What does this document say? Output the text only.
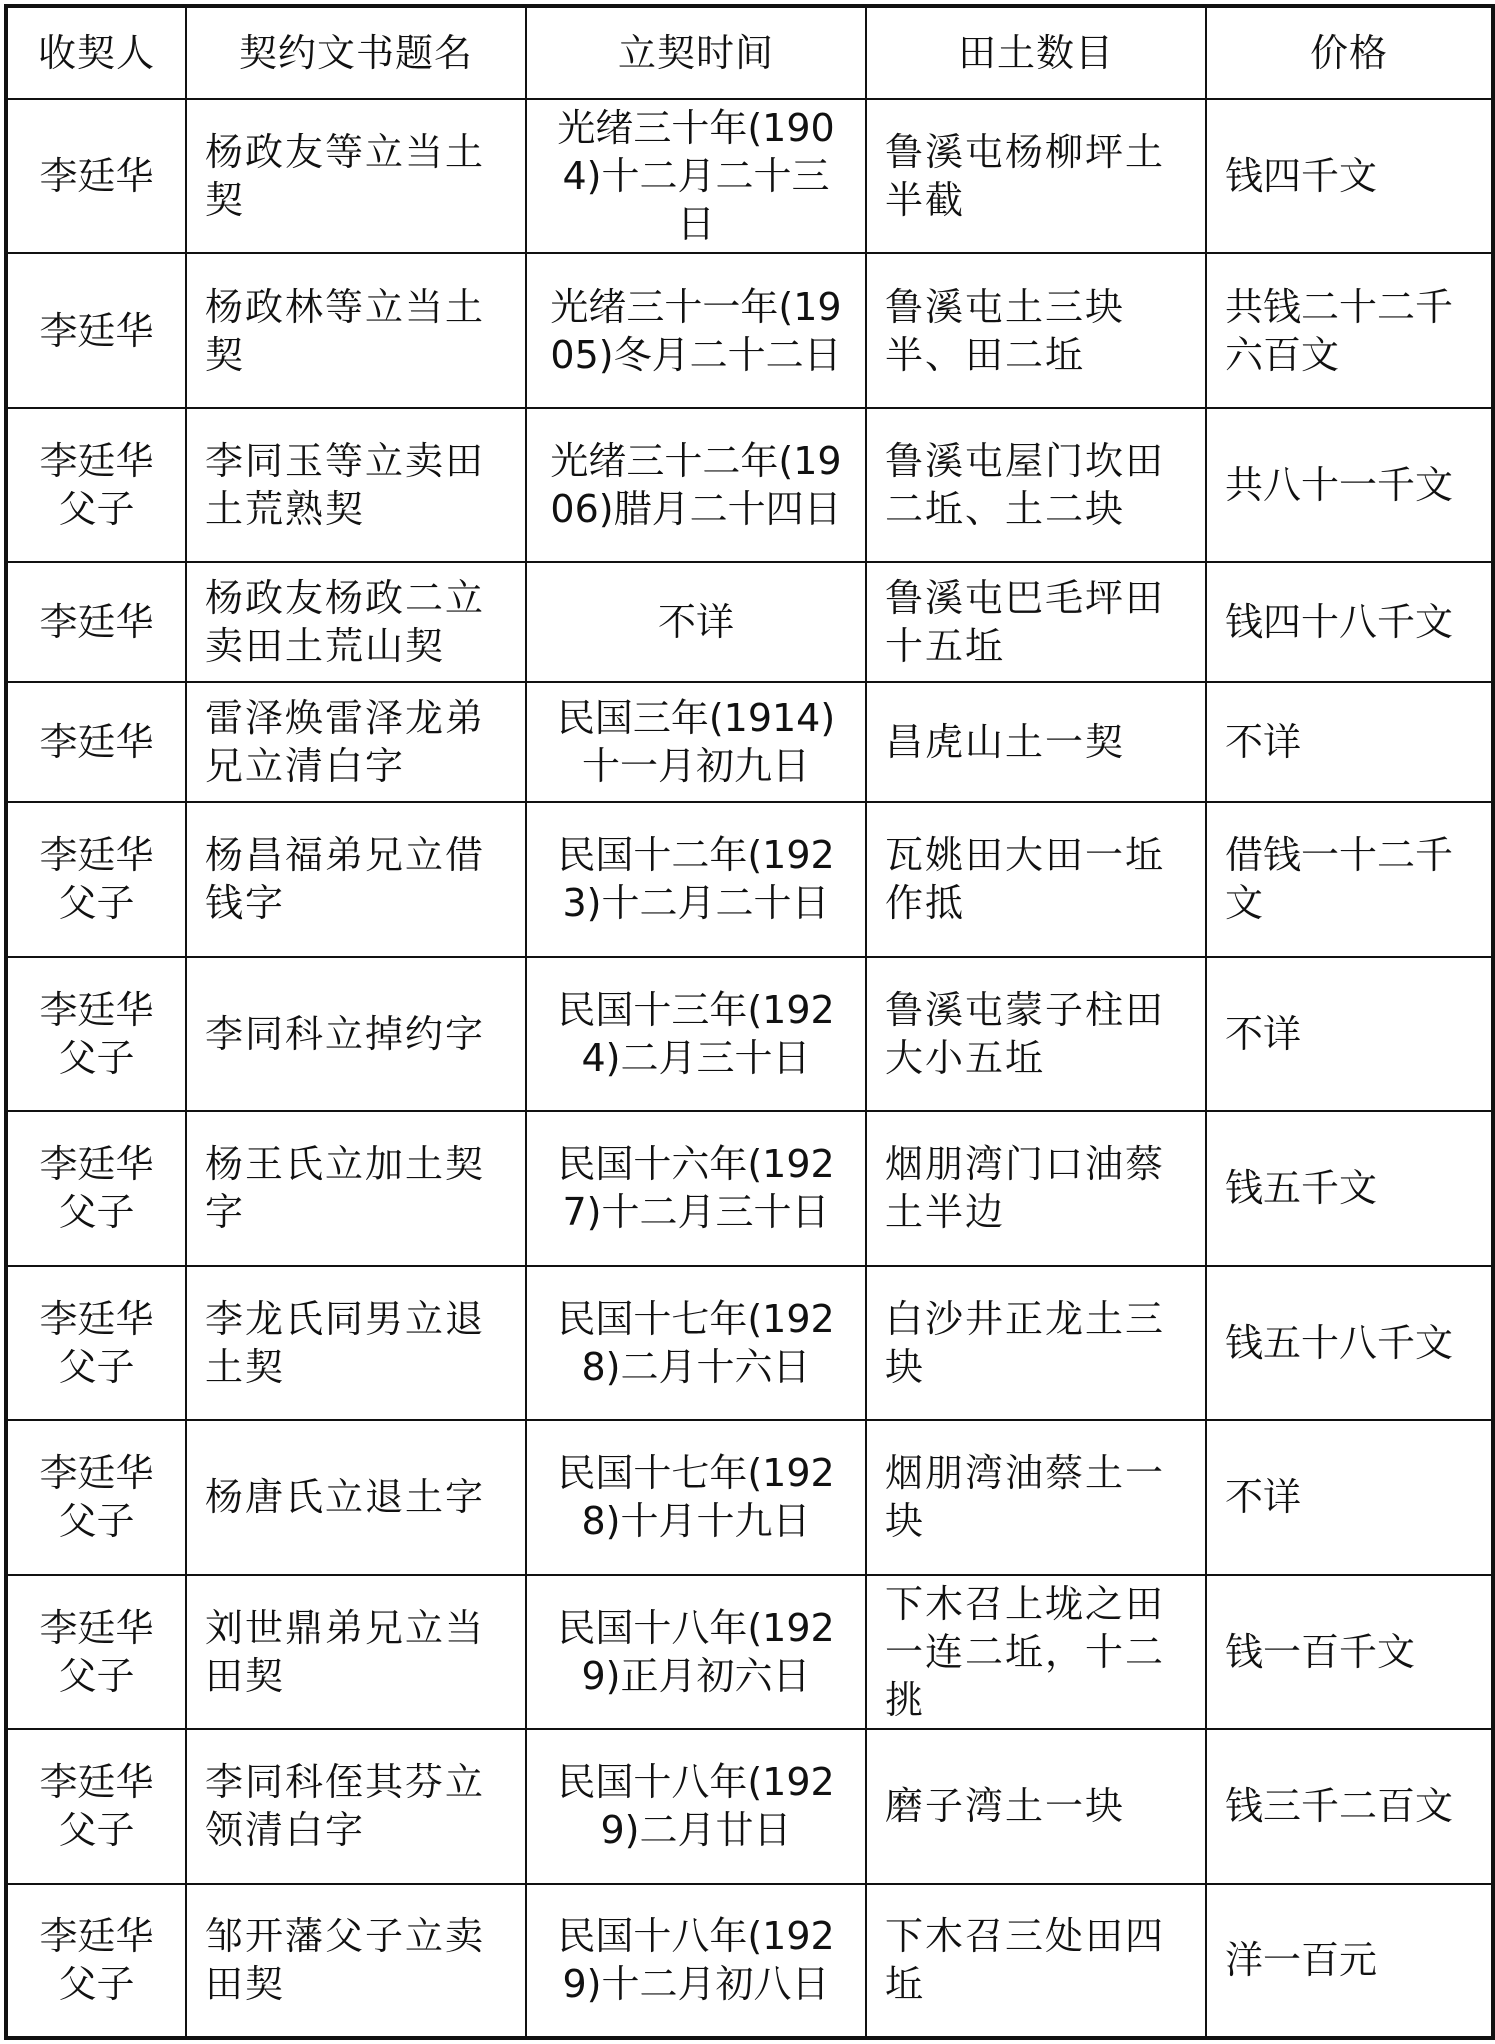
收契人	契约文书题名	立契时间	田土数目	价格
李廷华	杨政友等立当土契	光绪三十年(1904)十二月二十三日	鲁溪屯杨柳坪土半截	钱四千文
李廷华	杨政林等立当土契	光绪三十一年(1905)冬月二十二日	鲁溪屯土三块半、田二坵	共钱二十二千六百文
李廷华父子	李同玉等立卖田土荒熟契	光绪三十二年(1906)腊月二十四日	鲁溪屯屋门坎田二坵、土二块	共八十一千文
李廷华	杨政友杨政二立卖田土荒山契	不详	鲁溪屯巴毛坪田十五坵	钱四十八千文
李廷华	雷泽焕雷泽龙弟兄立清白字	民国三年(1914)十一月初九日	昌虎山土一契	不详
李廷华父子	杨昌福弟兄立借钱字	民国十二年(1923)十二月二十日	瓦姚田大田一坵作抵	借钱一十二千文
李廷华父子	李同科立掉约字	民国十三年(1924)二月三十日	鲁溪屯蒙子柱田大小五坵	不详
李廷华父子	杨王氏立加土契字	民国十六年(1927)十二月三十日	烟朋湾门口油蔡土半边	钱五千文
李廷华父子	李龙氏同男立退土契	民国十七年(1928)二月十六日	白沙井正龙土三块	钱五十八千文
李廷华父子	杨唐氏立退土字	民国十七年(1928)十月十九日	烟朋湾油蔡土一块	不详
李廷华父子	刘世鼎弟兄立当田契	民国十八年(1929)正月初六日	下木召上垅之田一连二坵，十二挑	钱一百千文
李廷华父子	李同科侄其芬立领清白字	民国十八年(1929)二月廿日	磨子湾土一块	钱三千二百文
李廷华父子	邹开藩父子立卖田契	民国十八年(1929)十二月初八日	下木召三处田四坵	洋一百元
